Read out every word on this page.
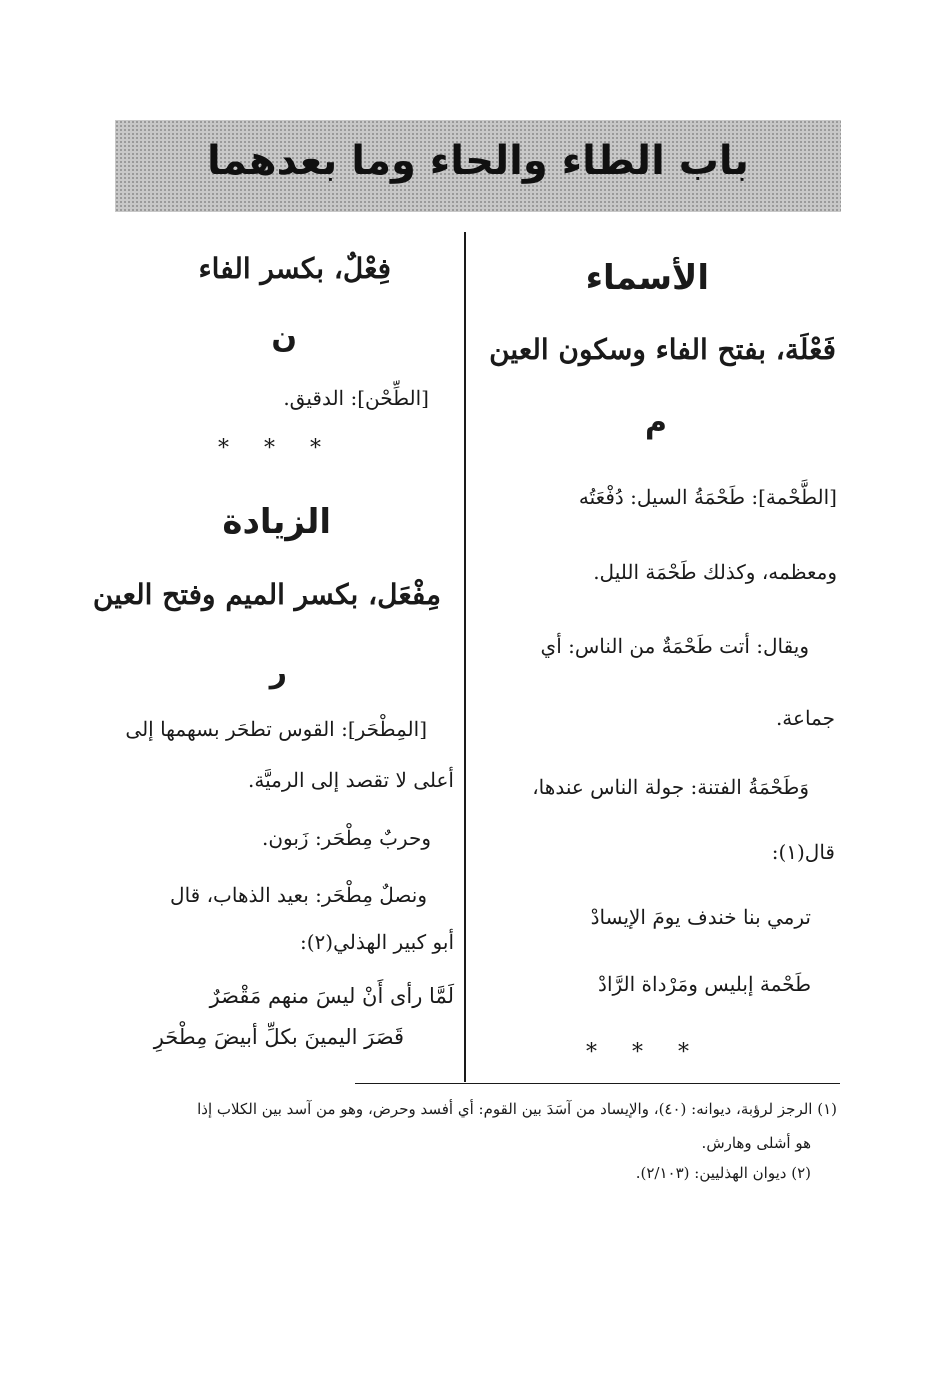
باب الطاء والحاء وما بعدهما
الأسماء
فَعْلَة، بفتح الفاء وسكون العين
م
[الطَّحْمة]: طَحْمَةُ السيل: دُفْعَتُه
ومعظمه، وكذلك طَحْمَة الليل.
ويقال: أتت طَحْمَةٌ من الناس: أي
جماعة.
وَطَحْمَةُ الفتنة: جولة الناس عندها،
قال(١):
ترمي بنا خندف يومَ الإيسادْ
طَحْمة إبليس ومَرْداة الرَّادْ
* * *
فِعْلٌ، بكسر الفاء
ن
[الطِّحْن]: الدقيق.
* * *
الزيادة
مِفْعَل، بكسر الميم وفتح العين
ر
[المِطْحَر]: القوس تطحَر بسهمها إلى
أعلى لا تقصد إلى الرميَّة.
وحربٌ مِطْحَر: زَبون.
ونصلٌ مِطْحَر: بعيد الذهاب، قال
أبو كبير الهذلي(٢):
لَمَّا رأى أَنْ ليسَ منهم مَقْصَرٌ
قَصَرَ اليمينَ بكلِّ أبيضَ مِطْحَرِ
(١) الرجز لرؤبة، ديوانه: (٤٠)، والإيساد من آسَدَ بين القوم: أي أفسد وحرض، وهو من آسد بين الكلاب إذا
هو أشلى وهارش.
(٢) ديوان الهذليين: (٢/١٠٣).
